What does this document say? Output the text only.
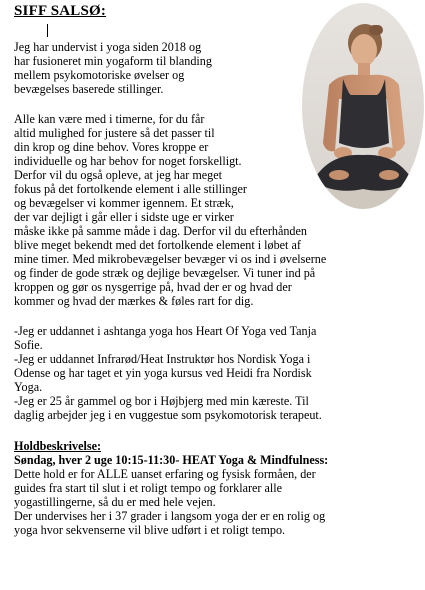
SIFF SALSØ:

Jeg har undervist i yoga siden 2018 og

har fusioneret min yogaform til blanding

mellem psykomotoriske øvelser og

bevægelses baserede stillinger.

Alle kan være med i timerne, for du får

altid mulighed for justere så det passer til

din krop og dine behov. Vores kroppe er

individuelle og har behov for noget forskelligt.

Derfor vil du også opleve, at jeg har meget

fokus på det fortolkende element i alle stillinger

og bevægelser vi kommer igennem. Et stræk,

der var dejligt i går eller i sidste uge er virker

måske ikke på samme måde i dag. Derfor vil du efterhånden

blive meget bekendt med det fortolkende element i løbet af

mine timer. Med mikrobevægelser bevæger vi os ind i øvelserne

og finder de gode stræk og dejlige bevægelser. Vi tuner ind på

kroppen og gør os nysgerrige på, hvad der er og hvad der

kommer og hvad der mærkes & føles rart for dig.

-Jeg er uddannet i ashtanga yoga hos Heart Of Yoga ved Tanja

Sofie.

-Jeg er uddannet Infrarød/Heat Instruktør hos Nordisk Yoga i

Odense og har taget et yin yoga kursus ved Heidi fra Nordisk

Yoga.

-Jeg er 25 år gammel og bor i Højbjerg med min kæreste. Til

daglig arbejder jeg i en vuggestue som psykomotorisk terapeut.

Holdbeskrivelse:

Søndag, hver 2 uge 10:15-11:30- HEAT Yoga & Mindfulness:

Dette hold er for ALLE uanset erfaring og fysisk formåen, der

guides fra start til slut i et roligt tempo og forklarer alle

yogastillingerne, så du er med hele vejen.

Der undervises her i 37 grader i langsom yoga der er en rolig og

yoga hvor sekvenserne vil blive udført i et roligt tempo.
